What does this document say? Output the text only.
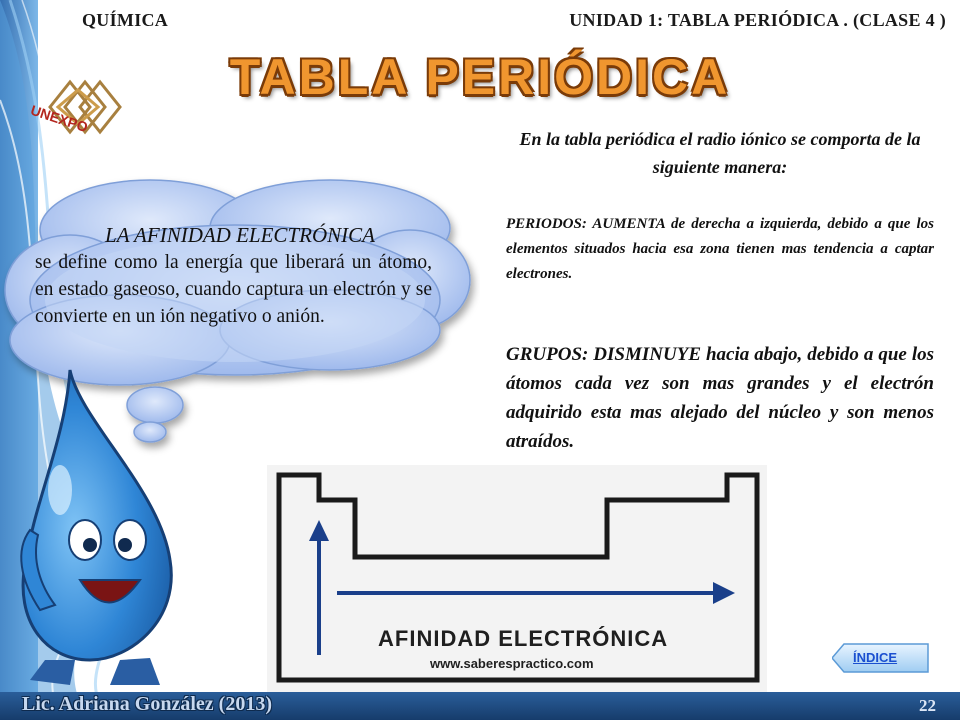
QUÍMICA	UNIDAD 1: TABLA PERIÓDICA . (CLASE 4 )
TABLA PERIÓDICA
UNEXPO
LA AFINIDAD ELECTRÓNICA
se define como la energía que liberará un átomo, en estado gaseoso, cuando captura un electrón y se convierte en un ión negativo o anión.
En la tabla periódica el radio iónico se comporta de la siguiente manera:
PERIODOS: AUMENTA de derecha a izquierda, debido a que los elementos situados hacia esa zona tienen mas tendencia a captar electrones.
GRUPOS: DISMINUYE hacia abajo, debido a que los átomos cada vez son mas grandes y el electrón adquirido esta mas alejado del núcleo y son menos atraídos.
AFINIDAD ELECTRÓNICA
www.saberespractico.com	ÍNDICE
Lic. Adriana González (2013)	22
